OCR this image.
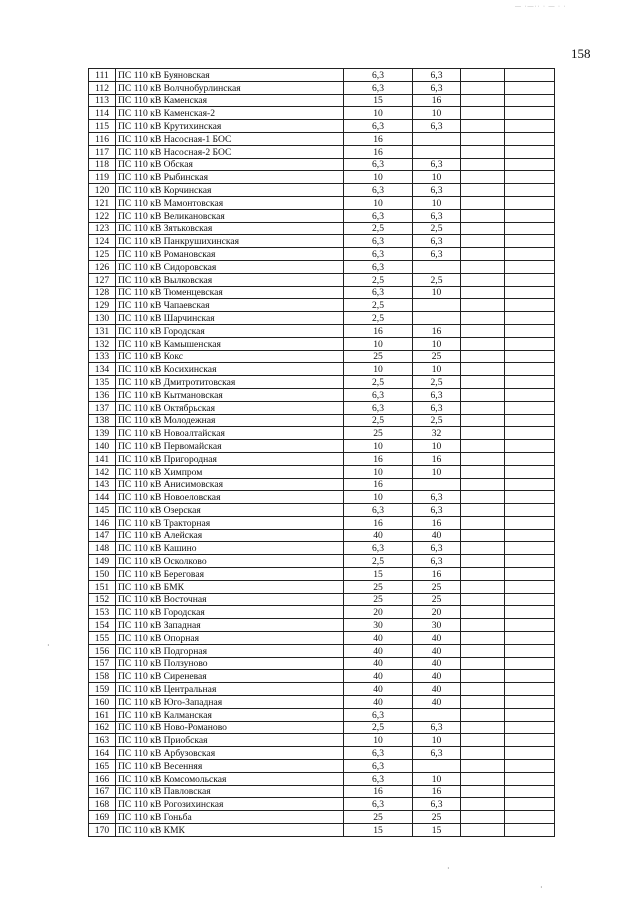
— ·—·· · — · ·
158
111	ПС 110 кВ Буяновская	6,3	6,3		
112	ПС 110 кВ Волчнобурлинская	6,3	6,3		
113	ПС 110 кВ Каменская	15	16		
114	ПС 110 кВ Каменская-2	10	10		
115	ПС 110 кВ Крутихинская	6,3	6,3		
116	ПС 110 кВ Насосная-1 БОС	16			
117	ПС 110 кВ Насосная-2 БОС	16			
118	ПС 110 кВ Обская	6,3	6,3		
119	ПС 110 кВ Рыбинская	10	10		
120	ПС 110 кВ Корчинская	6,3	6,3		
121	ПС 110 кВ Мамонтовская	10	10		
122	ПС 110 кВ Великановская	6,3	6,3		
123	ПС 110 кВ Зятьковская	2,5	2,5		
124	ПС 110 кВ Панкрушихинская	6,3	6,3		
125	ПС 110 кВ Романовская	6,3	6,3		
126	ПС 110 кВ Сидоровская	6,3			
127	ПС 110 кВ Вылковская	2,5	2,5		
128	ПС 110 кВ Тюменцевская	6,3	10		
129	ПС 110 кВ Чапаевская	2,5			
130	ПС 110 кВ Шарчинская	2,5			
131	ПС 110 кВ Городская	16	16		
132	ПС 110 кВ Камышенская	10	10		
133	ПС 110 кВ Кокс	25	25		
134	ПС 110 кВ Косихинская	10	10		
135	ПС 110 кВ Дмитротитовская	2,5	2,5		
136	ПС 110 кВ Кытмановская	6,3	6,3		
137	ПС 110 кВ Октябрьская	6,3	6,3		
138	ПС 110 кВ Молодежная	2,5	2,5		
139	ПС 110 кВ Новоалтайская	25	32		
140	ПС 110 кВ Первомайская	10	10		
141	ПС 110 кВ Пригородная	16	16		
142	ПС 110 кВ Химпром	10	10		
143	ПС 110 кВ Анисимовская	16			
144	ПС 110 кВ Новоеловская	10	6,3		
145	ПС 110 кВ Озерская	6,3	6,3		
146	ПС 110 кВ Тракторная	16	16		
147	ПС 110 кВ Алейская	40	40		
148	ПС 110 кВ Кашино	6,3	6,3		
149	ПС 110 кВ Осколково	2,5	6,3		
150	ПС 110 кВ Береговая	15	16		
151	ПС 110 кВ БМК	25	25		
152	ПС 110 кВ Восточная	25	25		
153	ПС 110 кВ Городская	20	20		
154	ПС 110 кВ Западная	30	30		
155	ПС 110 кВ Опорная	40	40		
156	ПС 110 кВ Подгорная	40	40		
157	ПС 110 кВ Ползуново	40	40		
158	ПС 110 кВ Сиреневая	40	40		
159	ПС 110 кВ Центральная	40	40		
160	ПС 110 кВ Юго-Западная	40	40		
161	ПС 110 кВ Калманская	6,3			
162	ПС 110 кВ Ново-Романово	2,5	6,3		
163	ПС 110 кВ Приобская	10	10		
164	ПС 110 кВ Арбузовская	6,3	6,3		
165	ПС 110 кВ Весенняя	6,3			
166	ПС 110 кВ Комсомольская	6,3	10		
167	ПС 110 кВ Павловская	16	16		
168	ПС 110 кВ Рогозихинская	6,3	6,3		
169	ПС 110 кВ Гоньба	25	25		
170	ПС 110 кВ КМК	15	15		
·
·
·
